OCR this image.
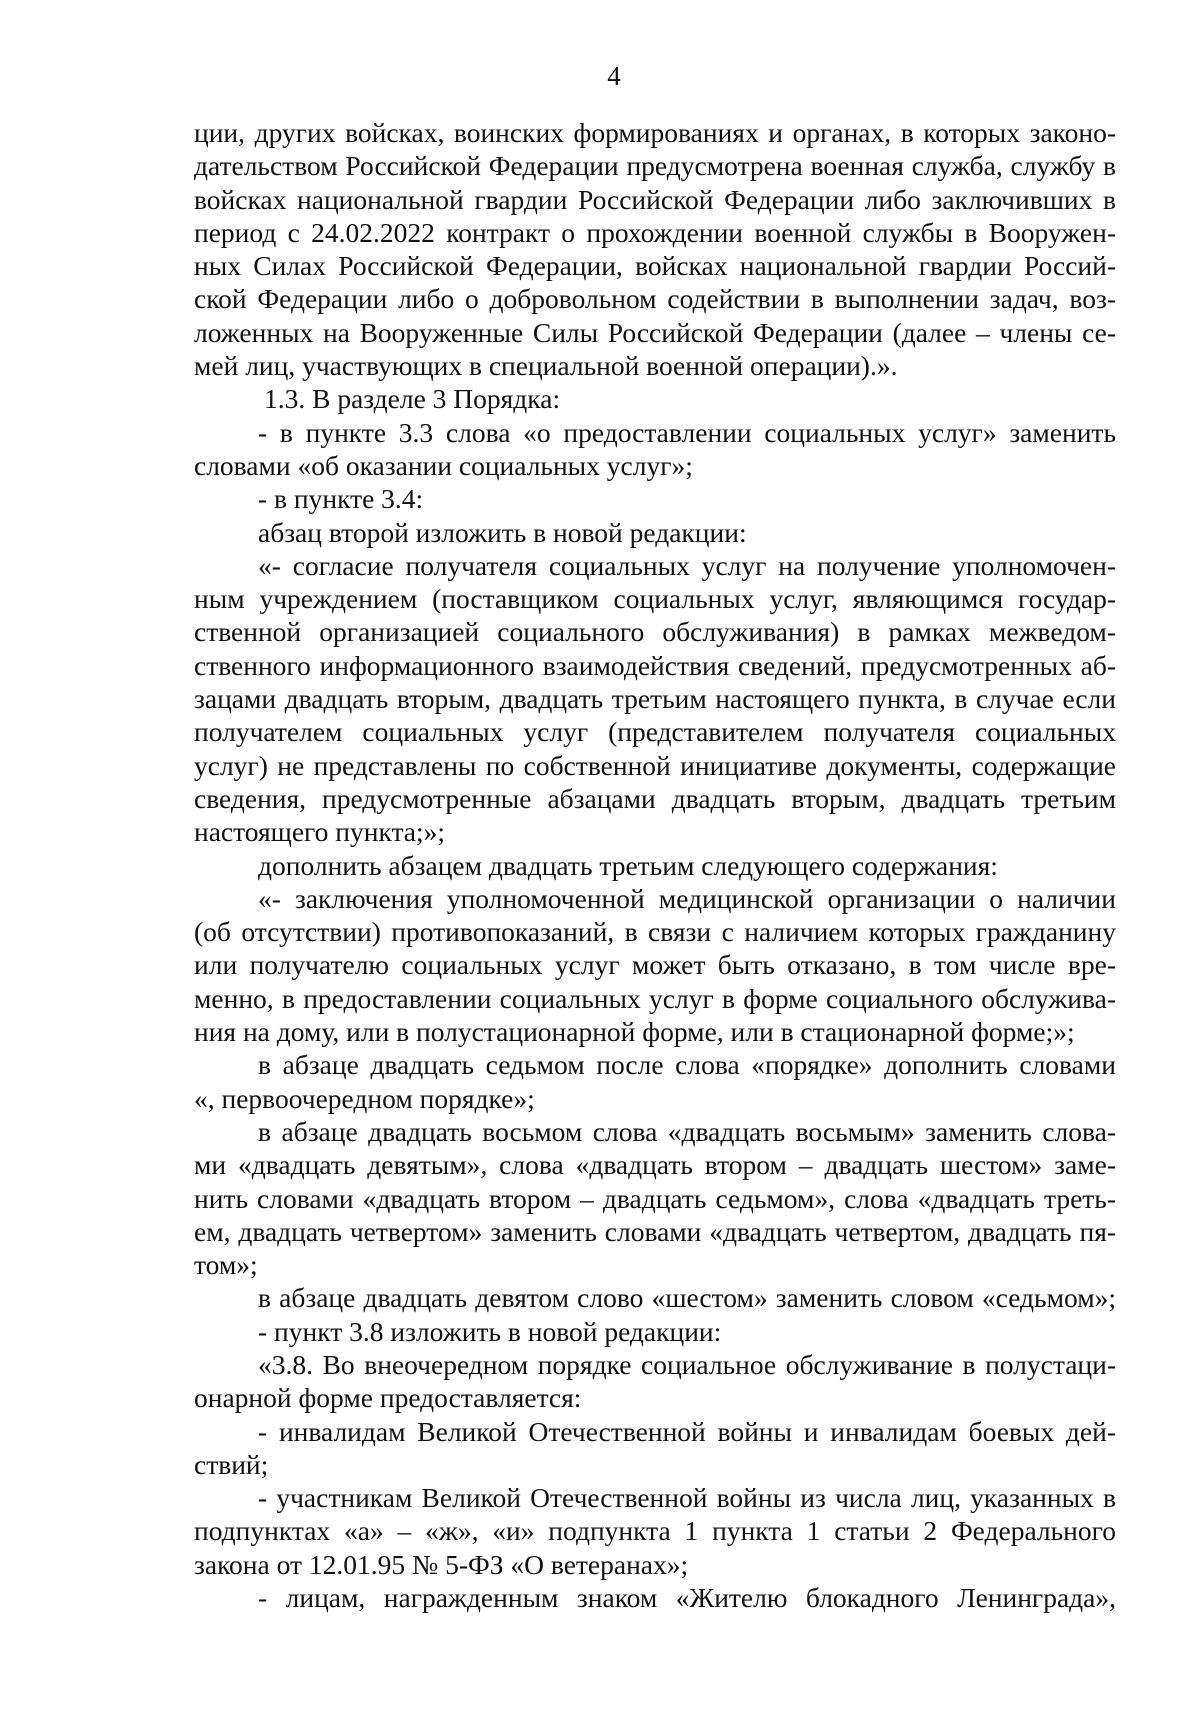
4
ции, других войсках, воинских формированиях и органах, в которых законо-
дательством Российской Федерации предусмотрена военная служба, службу в
войсках национальной гвардии Российской Федерации либо заключивших в
период с 24.02.2022 контракт о прохождении военной службы в Вооружен-
ных Силах Российской Федерации, войсках национальной гвардии Россий-
ской Федерации либо о добровольном содействии в выполнении задач, воз-
ложенных на Вооруженные Силы Российской Федерации (далее – члены се-
мей лиц, участвующих в специальной военной операции).».
1.3. В разделе 3 Порядка:
- в пункте 3.3 слова «о предоставлении социальных услуг» заменить
словами «об оказании социальных услуг»;
- в пункте 3.4:
абзац второй изложить в новой редакции:
«- согласие получателя социальных услуг на получение уполномочен-
ным учреждением (поставщиком социальных услуг, являющимся государ-
ственной организацией социального обслуживания) в рамках межведом-
ственного информационного взаимодействия сведений, предусмотренных аб-
зацами двадцать вторым, двадцать третьим настоящего пункта, в случае если
получателем социальных услуг (представителем получателя социальных
услуг) не представлены по собственной инициативе документы, содержащие
сведения, предусмотренные абзацами двадцать вторым, двадцать третьим
настоящего пункта;»;
дополнить абзацем двадцать третьим следующего содержания:
«- заключения уполномоченной медицинской организации о наличии
(об отсутствии) противопоказаний, в связи с наличием которых гражданину
или получателю социальных услуг может быть отказано, в том числе вре-
менно, в предоставлении социальных услуг в форме социального обслужива-
ния на дому, или в полустационарной форме, или в стационарной форме;»;
в абзаце двадцать седьмом после слова «порядке» дополнить словами
«, первоочередном порядке»;
в абзаце двадцать восьмом слова «двадцать восьмым» заменить слова-
ми «двадцать девятым», слова «двадцать втором – двадцать шестом» заме-
нить словами «двадцать втором – двадцать седьмом», слова «двадцать треть-
ем, двадцать четвертом» заменить словами «двадцать четвертом, двадцать пя-
том»;
в абзаце двадцать девятом слово «шестом» заменить словом «седьмом»;
- пункт 3.8 изложить в новой редакции:
«3.8. Во внеочередном порядке социальное обслуживание в полустаци-
онарной форме предоставляется:
- инвалидам Великой Отечественной войны и инвалидам боевых дей-
ствий;
- участникам Великой Отечественной войны из числа лиц, указанных в
подпунктах «а» – «ж», «и» подпункта 1 пункта 1 статьи 2 Федерального
закона от 12.01.95 № 5-ФЗ «О ветеранах»;
- лицам, награжденным знаком «Жителю блокадного Ленинграда»,
